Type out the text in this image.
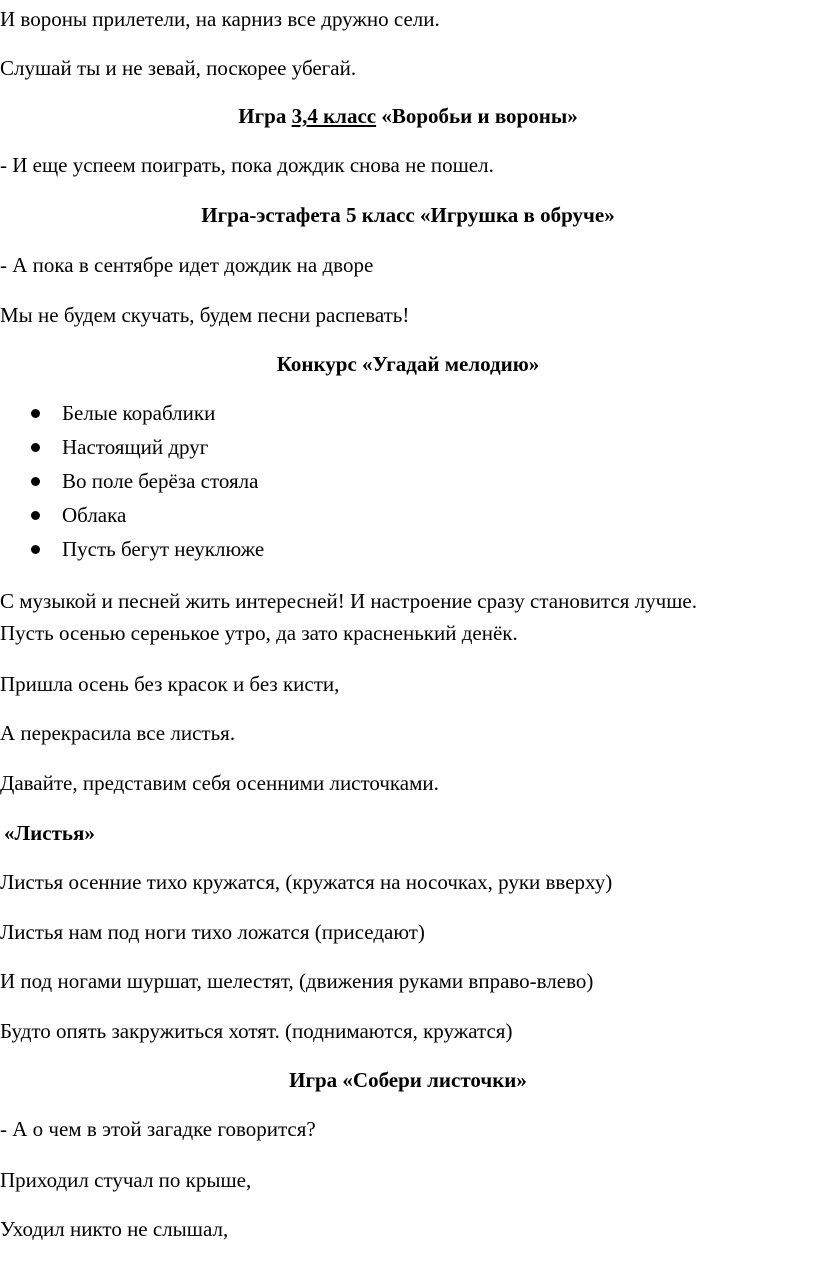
И вороны прилетели, на карниз все дружно сели.

Слушай ты и не зевай, поскорее убегай.

Игра 3,4 класс «Воробьи и вороны»

- И еще успеем поиграть, пока дождик снова не пошел.

Игра-эстафета 5 класс «Игрушка в обруче»

- А пока в сентябре идет дождик на дворе

Мы не будем скучать, будем песни распевать!

Конкурс «Угадай мелодию»

Белые кораблики
Настоящий друг
Во поле берёза стояла
Облака
Пусть бегут неуклюже

С музыкой и песней жить интересней! И настроение сразу становится лучше.

Пусть осенью серенькое утро, да зато красненький денёк.

Пришла осень без красок и без кисти,

А перекрасила все листья.

Давайте, представим себя осенними листочками.

«Листья»

Листья осенние тихо кружатся, (кружатся на носочках, руки вверху)

Листья нам под ноги тихо ложатся (приседают)

И под ногами шуршат, шелестят, (движения руками вправо-влево)

Будто опять закружиться хотят. (поднимаются, кружатся)

Игра «Собери листочки»

- А о чем в этой загадке говорится?

Приходил стучал по крыше,

Уходил никто не слышал,
